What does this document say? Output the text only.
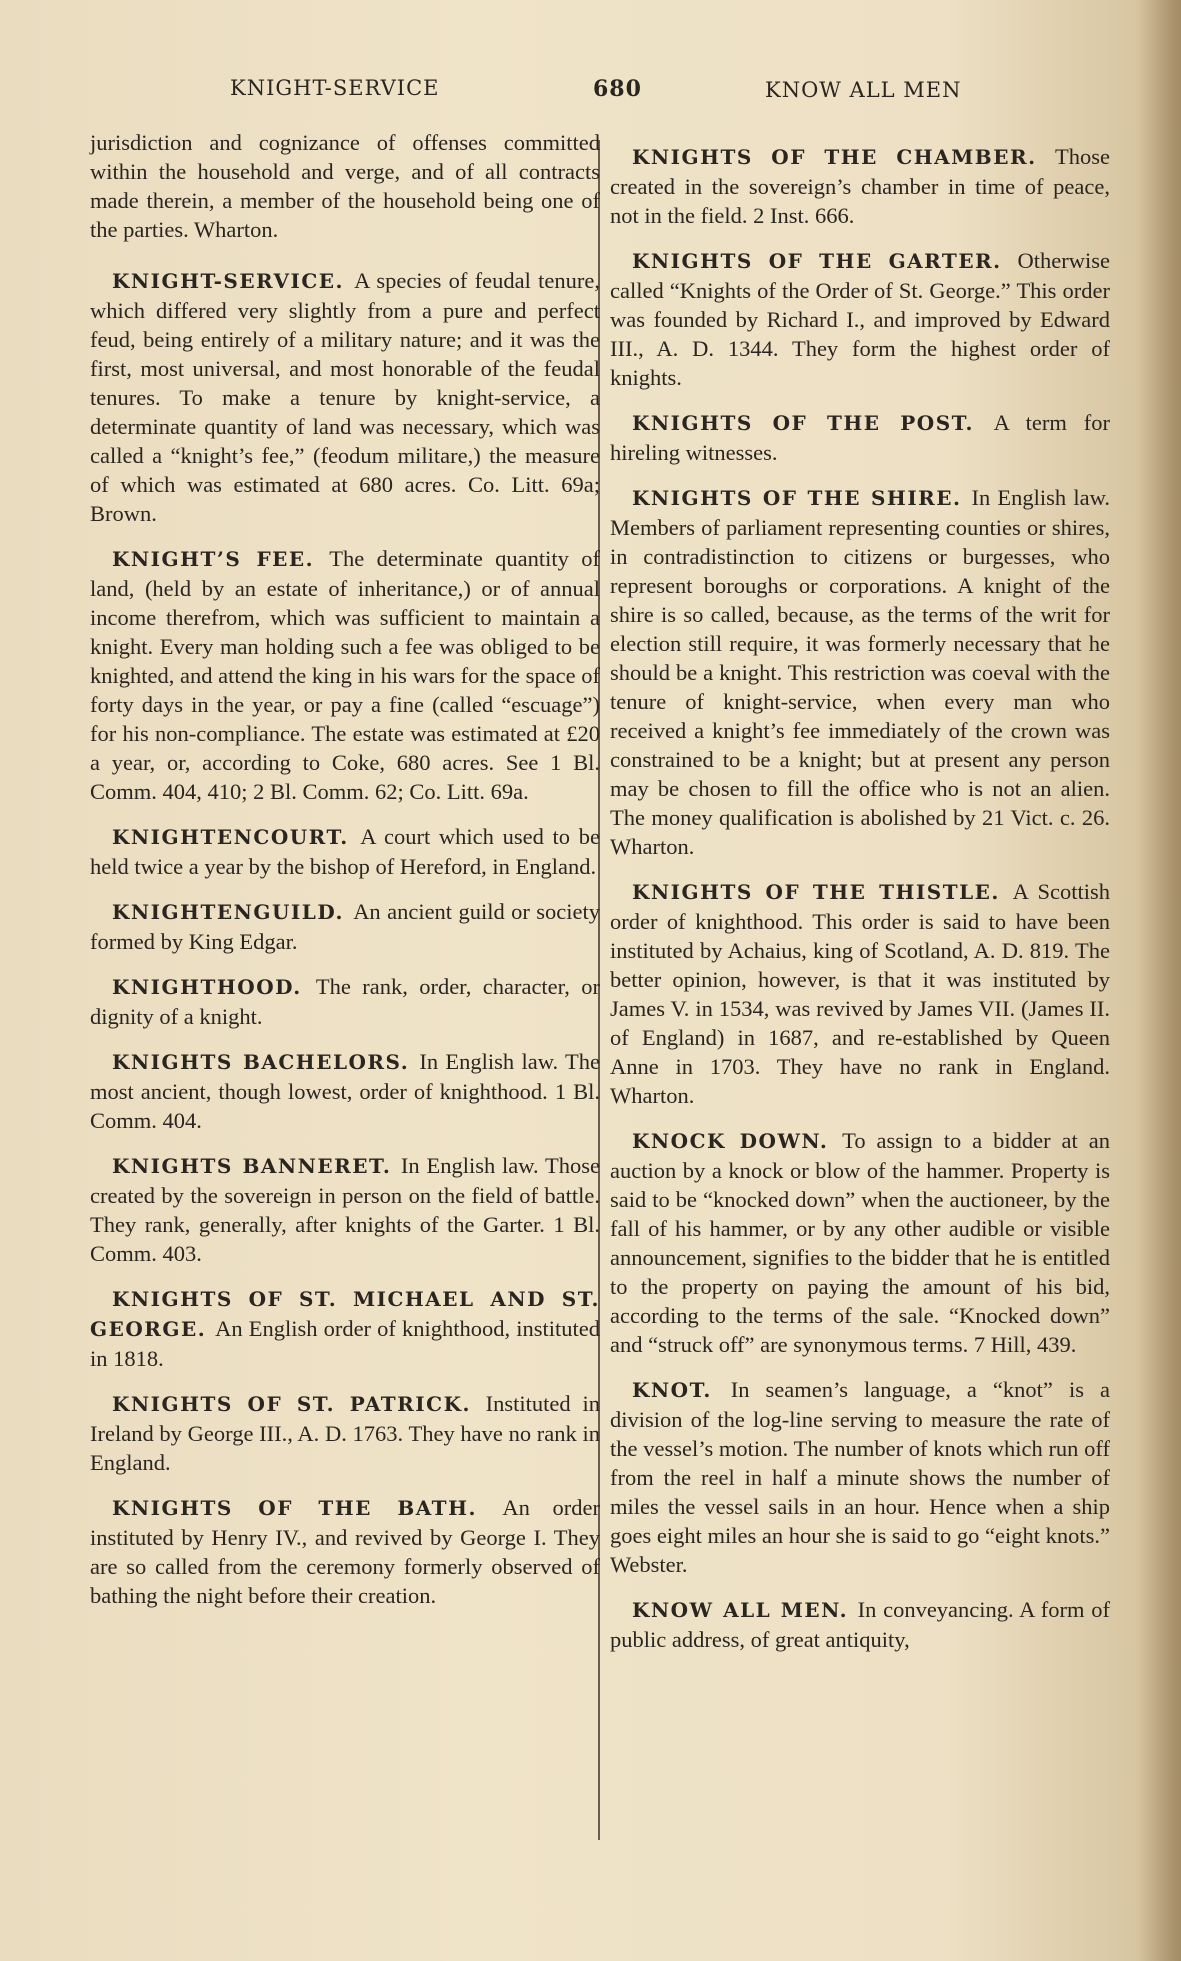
KNIGHT-SERVICE	680	KNOW ALL MEN
jurisdiction and cognizance of offenses committed within the household and verge, and of all contracts made therein, a member of the household being one of the parties. Wharton.
KNIGHT-SERVICE. A species of feudal tenure, which differed very slightly from a pure and perfect feud, being entirely of a military nature; and it was the first, most universal, and most honorable of the feudal tenures. To make a tenure by knight-service, a determinate quantity of land was necessary, which was called a “knight’s fee,” (feodum militare,) the measure of which was estimated at 680 acres. Co. Litt. 69a; Brown.
KNIGHT’S FEE. The determinate quantity of land, (held by an estate of inheritance,) or of annual income therefrom, which was sufficient to maintain a knight. Every man holding such a fee was obliged to be knighted, and attend the king in his wars for the space of forty days in the year, or pay a fine (called “escuage”) for his non-compliance. The estate was estimated at £20 a year, or, according to Coke, 680 acres. See 1 Bl. Comm. 404, 410; 2 Bl. Comm. 62; Co. Litt. 69a.
KNIGHTENCOURT. A court which used to be held twice a year by the bishop of Hereford, in England.
KNIGHTENGUILD. An ancient guild or society formed by King Edgar.
KNIGHTHOOD. The rank, order, character, or dignity of a knight.
KNIGHTS BACHELORS. In English law. The most ancient, though lowest, order of knighthood. 1 Bl. Comm. 404.
KNIGHTS BANNERET. In English law. Those created by the sovereign in person on the field of battle. They rank, generally, after knights of the Garter. 1 Bl. Comm. 403.
KNIGHTS OF ST. MICHAEL AND ST. GEORGE. An English order of knighthood, instituted in 1818.
KNIGHTS OF ST. PATRICK. Instituted in Ireland by George III., A. D. 1763. They have no rank in England.
KNIGHTS OF THE BATH. An order instituted by Henry IV., and revived by George I. They are so called from the ceremony formerly observed of bathing the night before their creation.
KNIGHTS OF THE CHAMBER. Those created in the sovereign’s chamber in time of peace, not in the field. 2 Inst. 666.
KNIGHTS OF THE GARTER. Otherwise called “Knights of the Order of St. George.” This order was founded by Richard I., and improved by Edward III., A. D. 1344. They form the highest order of knights.
KNIGHTS OF THE POST. A term for hireling witnesses.
KNIGHTS OF THE SHIRE. In English law. Members of parliament representing counties or shires, in contradistinction to citizens or burgesses, who represent boroughs or corporations. A knight of the shire is so called, because, as the terms of the writ for election still require, it was formerly necessary that he should be a knight. This restriction was coeval with the tenure of knight-service, when every man who received a knight’s fee immediately of the crown was constrained to be a knight; but at present any person may be chosen to fill the office who is not an alien. The money qualification is abolished by 21 Vict. c. 26. Wharton.
KNIGHTS OF THE THISTLE. A Scottish order of knighthood. This order is said to have been instituted by Achaius, king of Scotland, A. D. 819. The better opinion, however, is that it was instituted by James V. in 1534, was revived by James VII. (James II. of England) in 1687, and re-established by Queen Anne in 1703. They have no rank in England. Wharton.
KNOCK DOWN. To assign to a bidder at an auction by a knock or blow of the hammer. Property is said to be “knocked down” when the auctioneer, by the fall of his hammer, or by any other audible or visible announcement, signifies to the bidder that he is entitled to the property on paying the amount of his bid, according to the terms of the sale. “Knocked down” and “struck off” are synonymous terms. 7 Hill, 439.
KNOT. In seamen’s language, a “knot” is a division of the log-line serving to measure the rate of the vessel’s motion. The number of knots which run off from the reel in half a minute shows the number of miles the vessel sails in an hour. Hence when a ship goes eight miles an hour she is said to go “eight knots.” Webster.
KNOW ALL MEN. In conveyancing. A form of public address, of great antiquity,
